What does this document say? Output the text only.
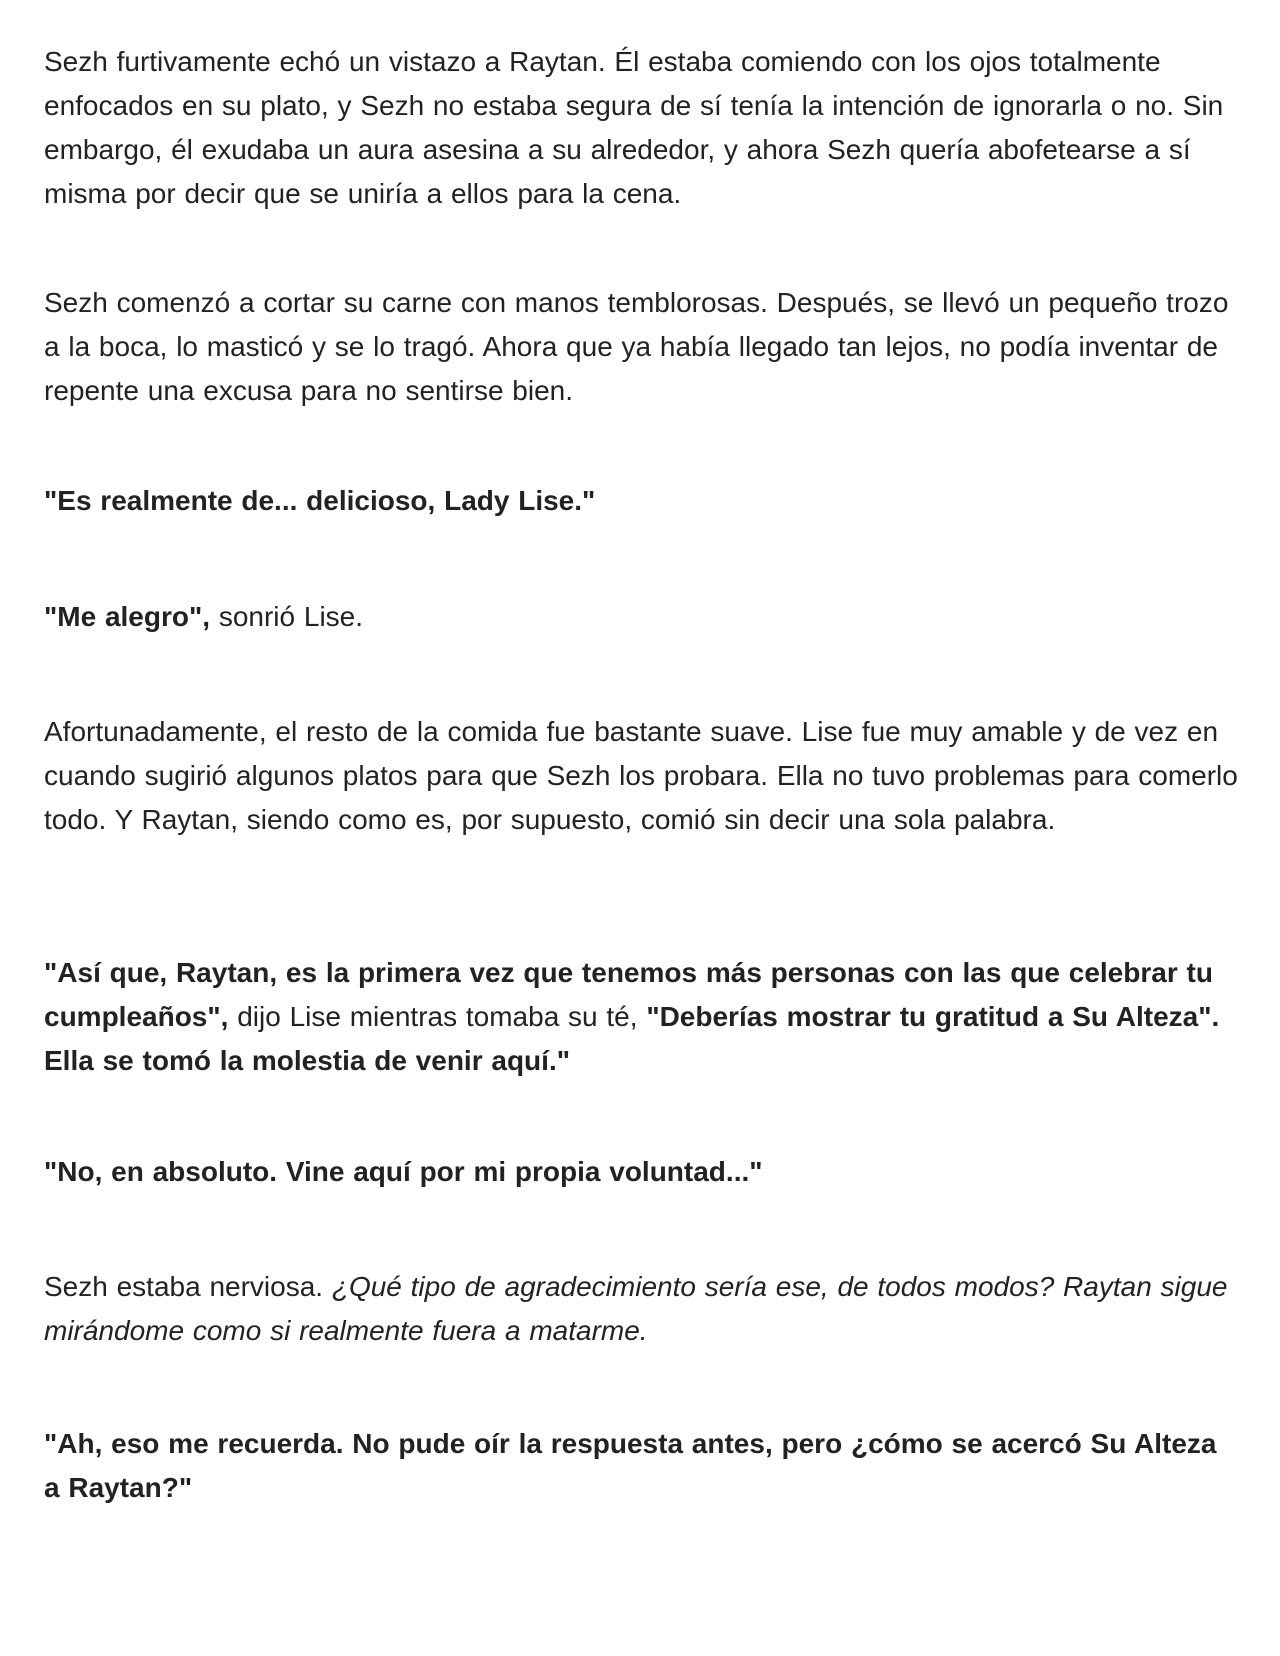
Sezh furtivamente echó un vistazo a Raytan. Él estaba comiendo con los ojos totalmente enfocados en su plato, y Sezh no estaba segura de sí tenía la intención de ignorarla o no. Sin embargo, él exudaba un aura asesina a su alrededor, y ahora Sezh quería abofetearse a sí misma por decir que se uniría a ellos para la cena.

Sezh comenzó a cortar su carne con manos temblorosas. Después, se llevó un pequeño trozo a la boca, lo masticó y se lo tragó. Ahora que ya había llegado tan lejos, no podía inventar de repente una excusa para no sentirse bien.

"Es realmente de... delicioso, Lady Lise."

"Me alegro", sonrió Lise.

Afortunadamente, el resto de la comida fue bastante suave. Lise fue muy amable y de vez en cuando sugirió algunos platos para que Sezh los probara. Ella no tuvo problemas para comerlo todo. Y Raytan, siendo como es, por supuesto, comió sin decir una sola palabra.

"Así que, Raytan, es la primera vez que tenemos más personas con las que celebrar tu cumpleaños", dijo Lise mientras tomaba su té, "Deberías mostrar tu gratitud a Su Alteza". Ella se tomó la molestia de venir aquí."

"No, en absoluto. Vine aquí por mi propia voluntad..."

Sezh estaba nerviosa. ¿Qué tipo de agradecimiento sería ese, de todos modos? Raytan sigue mirándome como si realmente fuera a matarme.

"Ah, eso me recuerda. No pude oír la respuesta antes, pero ¿cómo se acercó Su Alteza a Raytan?"
